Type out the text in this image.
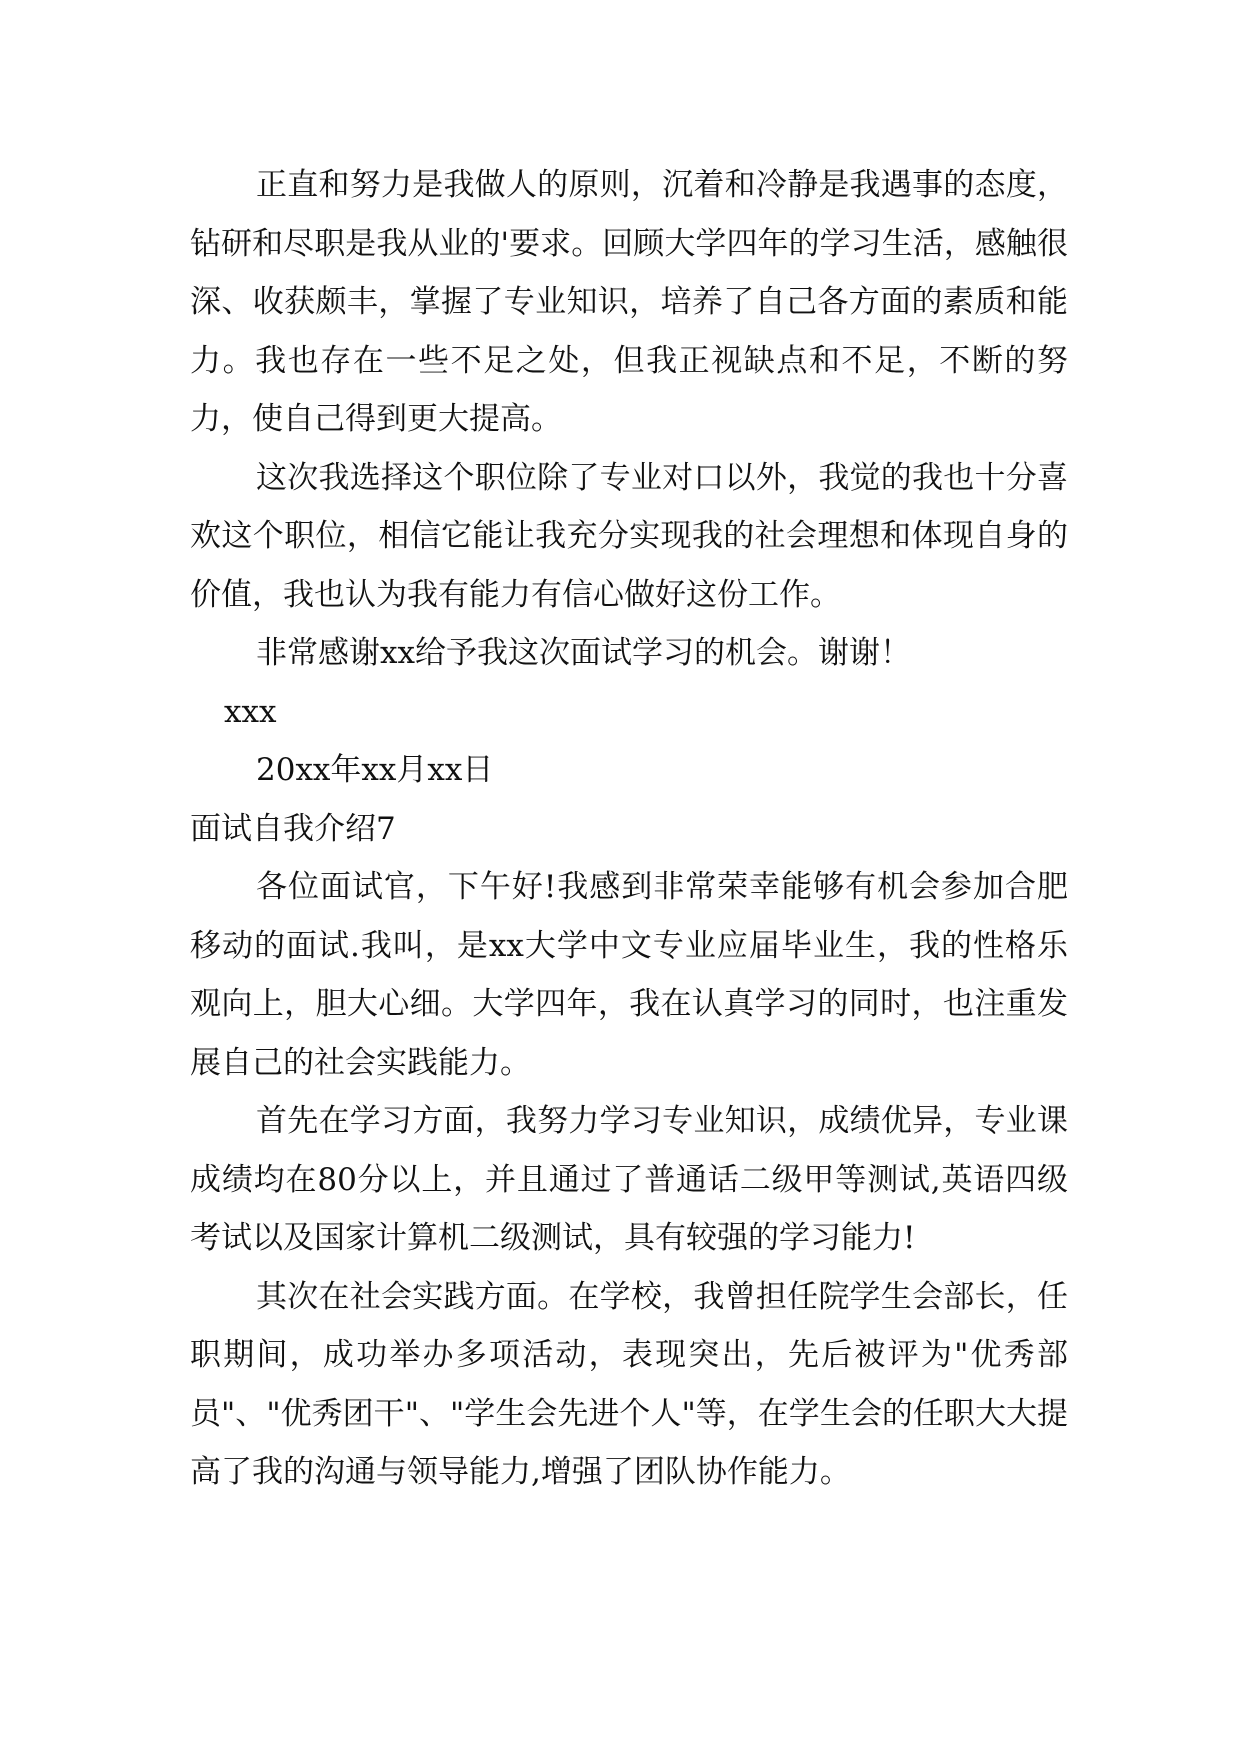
正直和努力是我做人的原则，沉着和冷静是我遇事的态度，钻研和尽职是我从业的'要求。回顾大学四年的学习生活，感触很深、收获颇丰，掌握了专业知识，培养了自己各方面的素质和能力。我也存在一些不足之处，但我正视缺点和不足，不断的努力，使自己得到更大提高。

这次我选择这个职位除了专业对口以外，我觉的我也十分喜欢这个职位，相信它能让我充分实现我的社会理想和体现自身的价值，我也认为我有能力有信心做好这份工作。

非常感谢xx给予我这次面试学习的机会。谢谢！

xxx

20xx年xx月xx日

面试自我介绍7

各位面试官，下午好!我感到非常荣幸能够有机会参加合肥移动的面试.我叫，是xx大学中文专业应届毕业生，我的性格乐观向上，胆大心细。大学四年，我在认真学习的同时，也注重发展自己的社会实践能力。

首先在学习方面，我努力学习专业知识，成绩优异，专业课成绩均在80分以上，并且通过了普通话二级甲等测试,英语四级考试以及国家计算机二级测试，具有较强的学习能力!

其次在社会实践方面。在学校，我曾担任院学生会部长，任职期间，成功举办多项活动，表现突出，先后被评为"优秀部员"、"优秀团干"、"学生会先进个人"等，在学生会的任职大大提高了我的沟通与领导能力,增强了团队协作能力。
